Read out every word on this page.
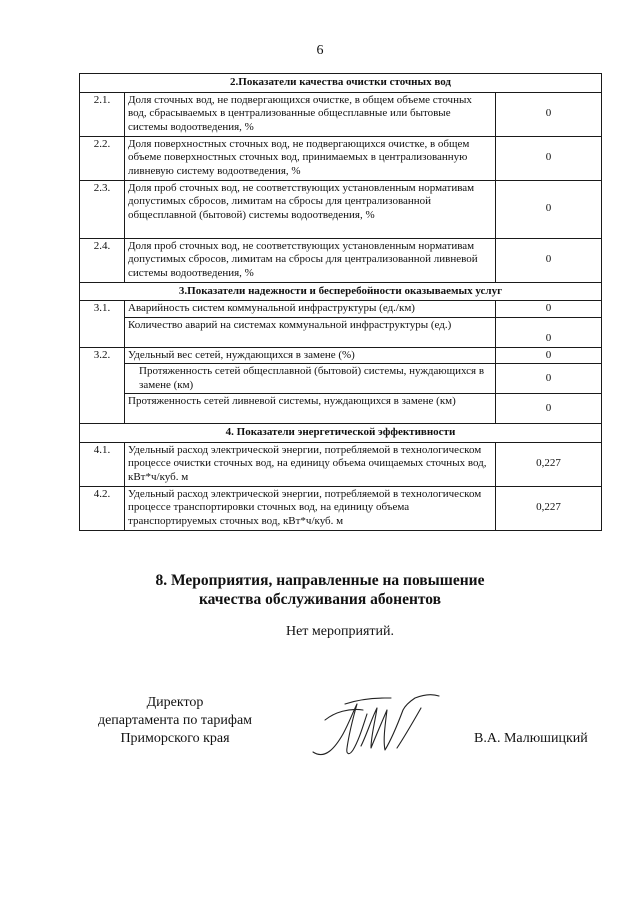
6
2.Показатели качества очистки сточных вод		
2.1.	Доля сточных вод, не подвергающихся очистке, в общем объеме сточных вод, сбрасываемых в централизованные общесплавные или бытовые системы водоотведения, %	0
2.2.	Доля поверхностных сточных вод, не подвергающихся очистке, в общем объеме поверхностных сточных вод, принимаемых в централизованную ливневую систему водоотведения, %	0
2.3.	Доля проб сточных вод, не соответствующих установленным нормативам допустимых сбросов, лимитам на сбросы для централизованной общесплавной (бытовой) системы водоотведения, %	0
2.4.	Доля проб сточных вод, не соответствующих установленным нормативам допустимых сбросов, лимитам на сбросы для централизованной ливневой системы водоотведения, %	0
3.Показатели надежности и бесперебойности оказываемых услуг		
3.1.	Аварийность систем коммунальной инфраструктуры (ед./км)	0
	Количество аварий на системах коммунальной инфраструктуры (ед.)	0
3.2.	Удельный вес сетей, нуждающихся в замене (%)	0
	Протяженность сетей общесплавной (бытовой) системы, нуждающихся в замене (км)	0
	Протяженность сетей ливневой системы, нуждающихся в замене (км)	0
4. Показатели энергетической эффективности		
4.1.	Удельный расход электрической энергии, потребляемой в технологическом процессе очистки сточных вод, на единицу объема очищаемых сточных вод, кВт*ч/куб. м	0,227
4.2.	Удельный расход электрической энергии, потребляемой в технологическом процессе транспортировки сточных вод, на единицу объема транспортируемых сточных вод, кВт*ч/куб. м	0,227
8. Мероприятия, направленные на повышение
качества обслуживания абонентов
Нет мероприятий.
Директор
департамента по тарифам
Приморского края	В.А. Малюшицкий
